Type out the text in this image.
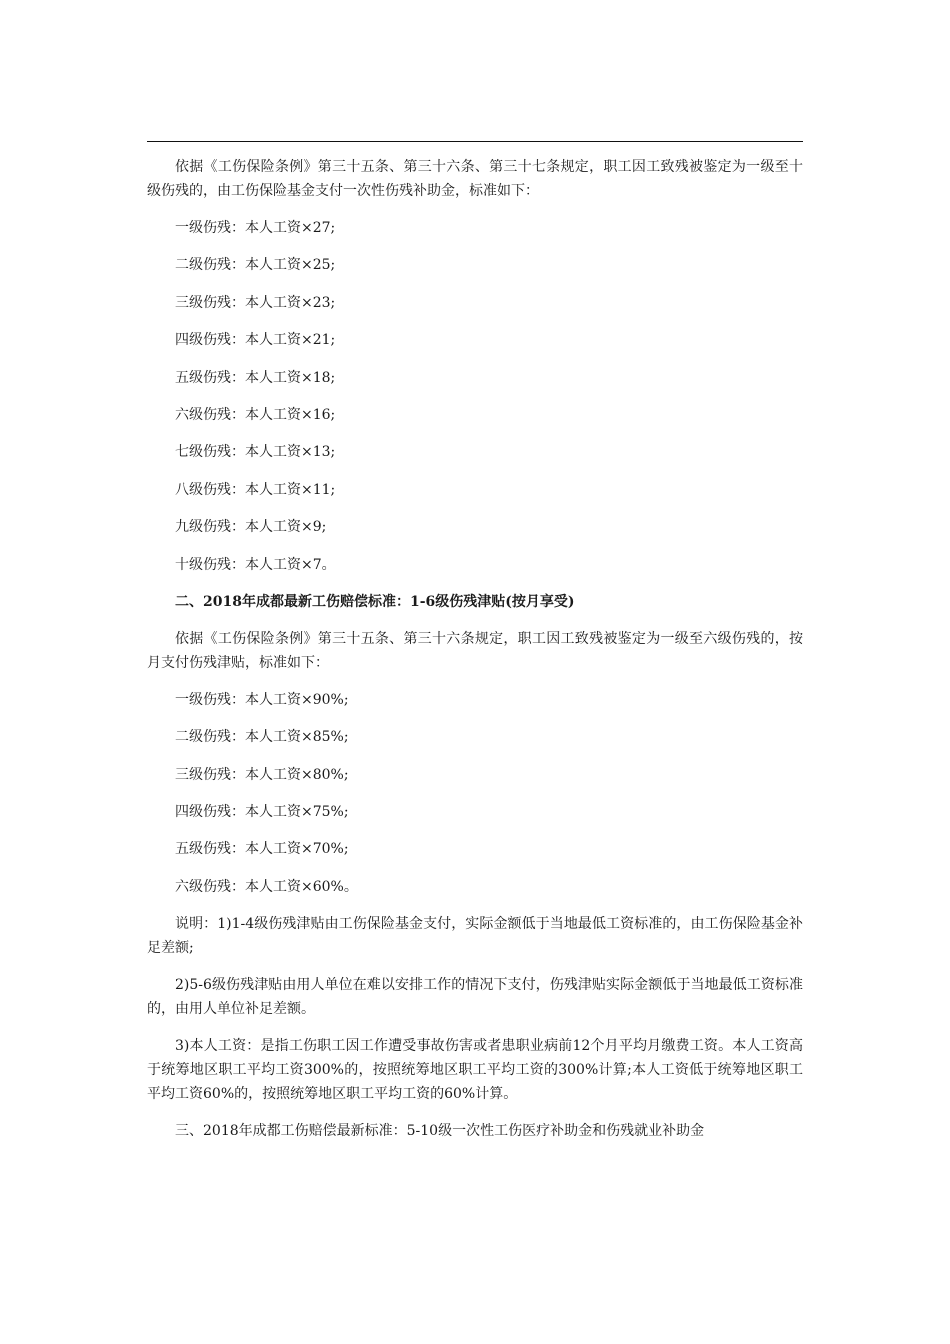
依据《工伤保险条例》第三十五条、第三十六条、第三十七条规定，职工因工致残被鉴定为一级至十级伤残的，由工伤保险基金支付一次性伤残补助金，标准如下：

一级伤残：本人工资×27;
二级伤残：本人工资×25;
三级伤残：本人工资×23;
四级伤残：本人工资×21;
五级伤残：本人工资×18;
六级伤残：本人工资×16;
七级伤残：本人工资×13;
八级伤残：本人工资×11;
九级伤残：本人工资×9;
十级伤残：本人工资×7。
二、2018年成都最新工伤赔偿标准：1-6级伤残津贴(按月享受)

依据《工伤保险条例》第三十五条、第三十六条规定，职工因工致残被鉴定为一级至六级伤残的，按月支付伤残津贴，标准如下：

一级伤残：本人工资×90%;
二级伤残：本人工资×85%;
三级伤残：本人工资×80%;
四级伤残：本人工资×75%;
五级伤残：本人工资×70%;
六级伤残：本人工资×60%。

说明：1)1-4级伤残津贴由工伤保险基金支付，实际金额低于当地最低工资标准的，由工伤保险基金补足差额;

2)5-6级伤残津贴由用人单位在难以安排工作的情况下支付，伤残津贴实际金额低于当地最低工资标准的，由用人单位补足差额。

3)本人工资：是指工伤职工因工作遭受事故伤害或者患职业病前12个月平均月缴费工资。本人工资高于统筹地区职工平均工资300%的，按照统筹地区职工平均工资的300%计算;本人工资低于统筹地区职工平均工资60%的，按照统筹地区职工平均工资的60%计算。

三、2018年成都工伤赔偿最新标准：5-10级一次性工伤医疗补助金和伤残就业补助金
